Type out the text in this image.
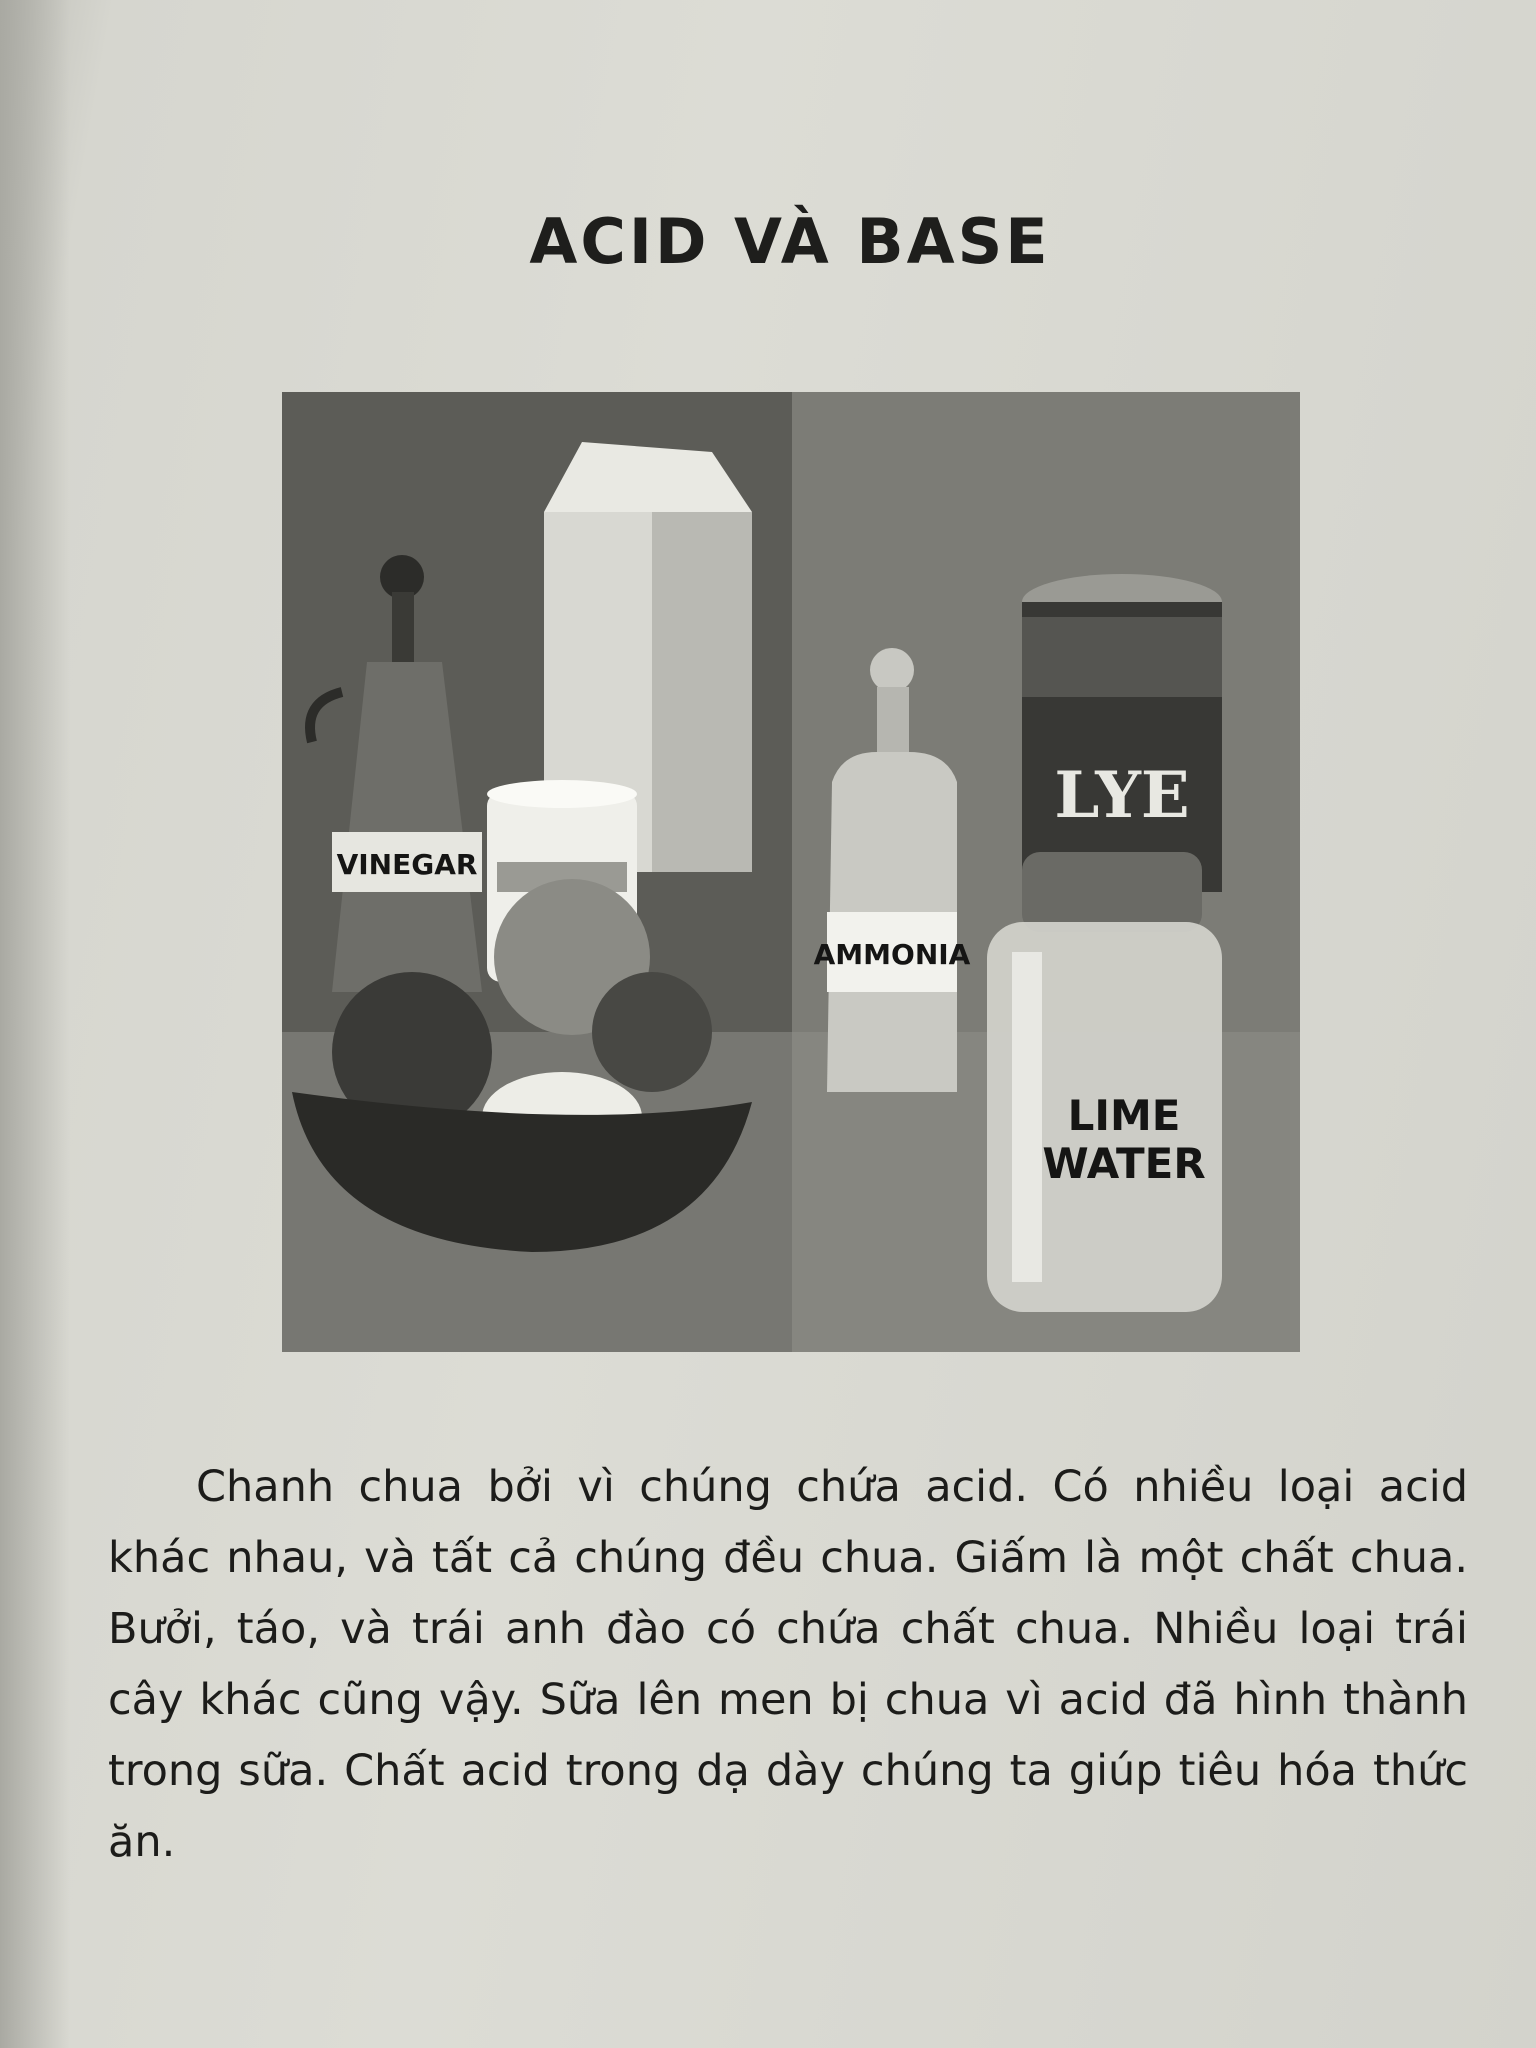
ACID VÀ BASE
VINEGAR
AMMONIA
LYE
LIME
WATER
Chanh chua bởi vì chúng chứa acid. Có nhiều loại acid khác nhau, và tất cả chúng đều chua. Giấm là một chất chua. Bưởi, táo, và trái anh đào có chứa chất chua. Nhiều loại trái cây khác cũng vậy. Sữa lên men bị chua vì acid đã hình thành trong sữa. Chất acid trong dạ dày chúng ta giúp tiêu hóa thức ăn.
